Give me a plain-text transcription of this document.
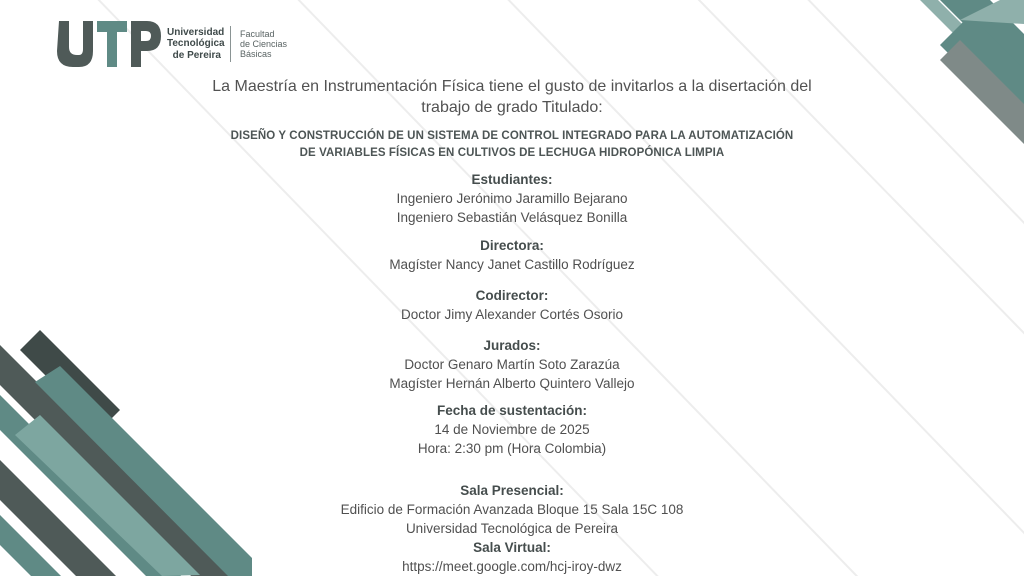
Universidad
Tecnológica
de Pereira
Facultad
de Ciencias
Básicas
La Maestría en Instrumentación Física tiene el gusto de invitarlos a la disertación del
trabajo de grado Titulado:
DISEÑO Y CONSTRUCCIÓN DE UN SISTEMA DE CONTROL INTEGRADO PARA LA AUTOMATIZACIÓN
DE VARIABLES FÍSICAS EN CULTIVOS DE LECHUGA HIDROPÓNICA LIMPIA
Estudiantes:
Ingeniero Jerónimo Jaramillo Bejarano
Ingeniero Sebastián Velásquez Bonilla
Directora:
Magíster Nancy Janet Castillo Rodríguez
Codirector:
Doctor Jimy Alexander Cortés Osorio
Jurados:
Doctor Genaro Martín Soto Zarazúa
Magíster Hernán Alberto Quintero Vallejo
Fecha de sustentación:
14 de Noviembre de 2025
Hora: 2:30 pm (Hora Colombia)
Sala Presencial:
Edificio de Formación Avanzada Bloque 15 Sala 15C 108
Universidad Tecnológica de Pereira
Sala Virtual:
https://meet.google.com/hcj-iroy-dwz
